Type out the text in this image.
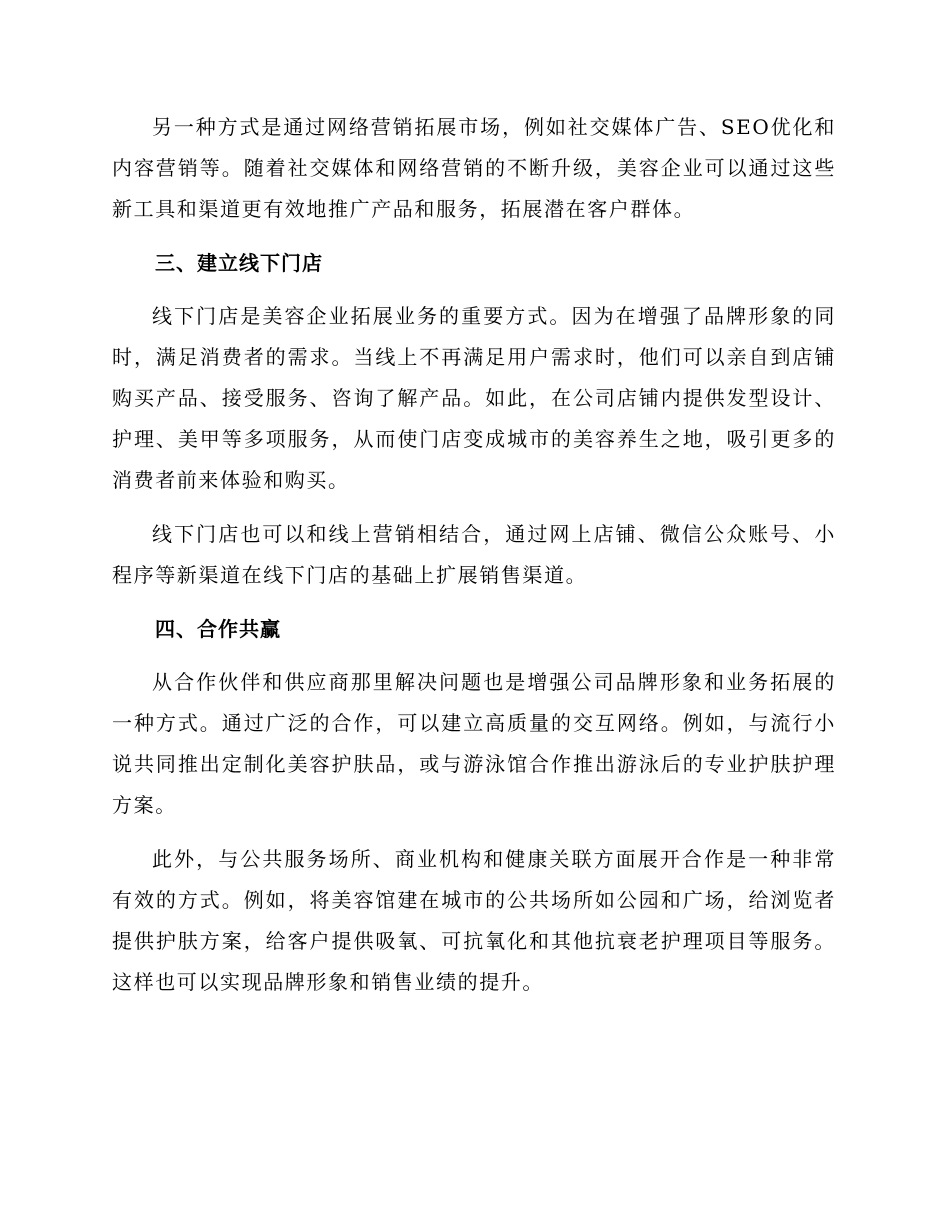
另一种方式是通过网络营销拓展市场，例如社交媒体广告、SEO优化和内容营销等。随着社交媒体和网络营销的不断升级，美容企业可以通过这些新工具和渠道更有效地推广产品和服务，拓展潜在客户群体。

三、建立线下门店

线下门店是美容企业拓展业务的重要方式。因为在增强了品牌形象的同时，满足消费者的需求。当线上不再满足用户需求时，他们可以亲自到店铺购买产品、接受服务、咨询了解产品。如此，在公司店铺内提供发型设计、护理、美甲等多项服务，从而使门店变成城市的美容养生之地，吸引更多的消费者前来体验和购买。

线下门店也可以和线上营销相结合，通过网上店铺、微信公众账号、小程序等新渠道在线下门店的基础上扩展销售渠道。

四、合作共赢

从合作伙伴和供应商那里解决问题也是增强公司品牌形象和业务拓展的一种方式。通过广泛的合作，可以建立高质量的交互网络。例如，与流行小说共同推出定制化美容护肤品，或与游泳馆合作推出游泳后的专业护肤护理方案。

此外，与公共服务场所、商业机构和健康关联方面展开合作是一种非常有效的方式。例如，将美容馆建在城市的公共场所如公园和广场，给浏览者提供护肤方案，给客户提供吸氧、可抗氧化和其他抗衰老护理项目等服务。这样也可以实现品牌形象和销售业绩的提升。
